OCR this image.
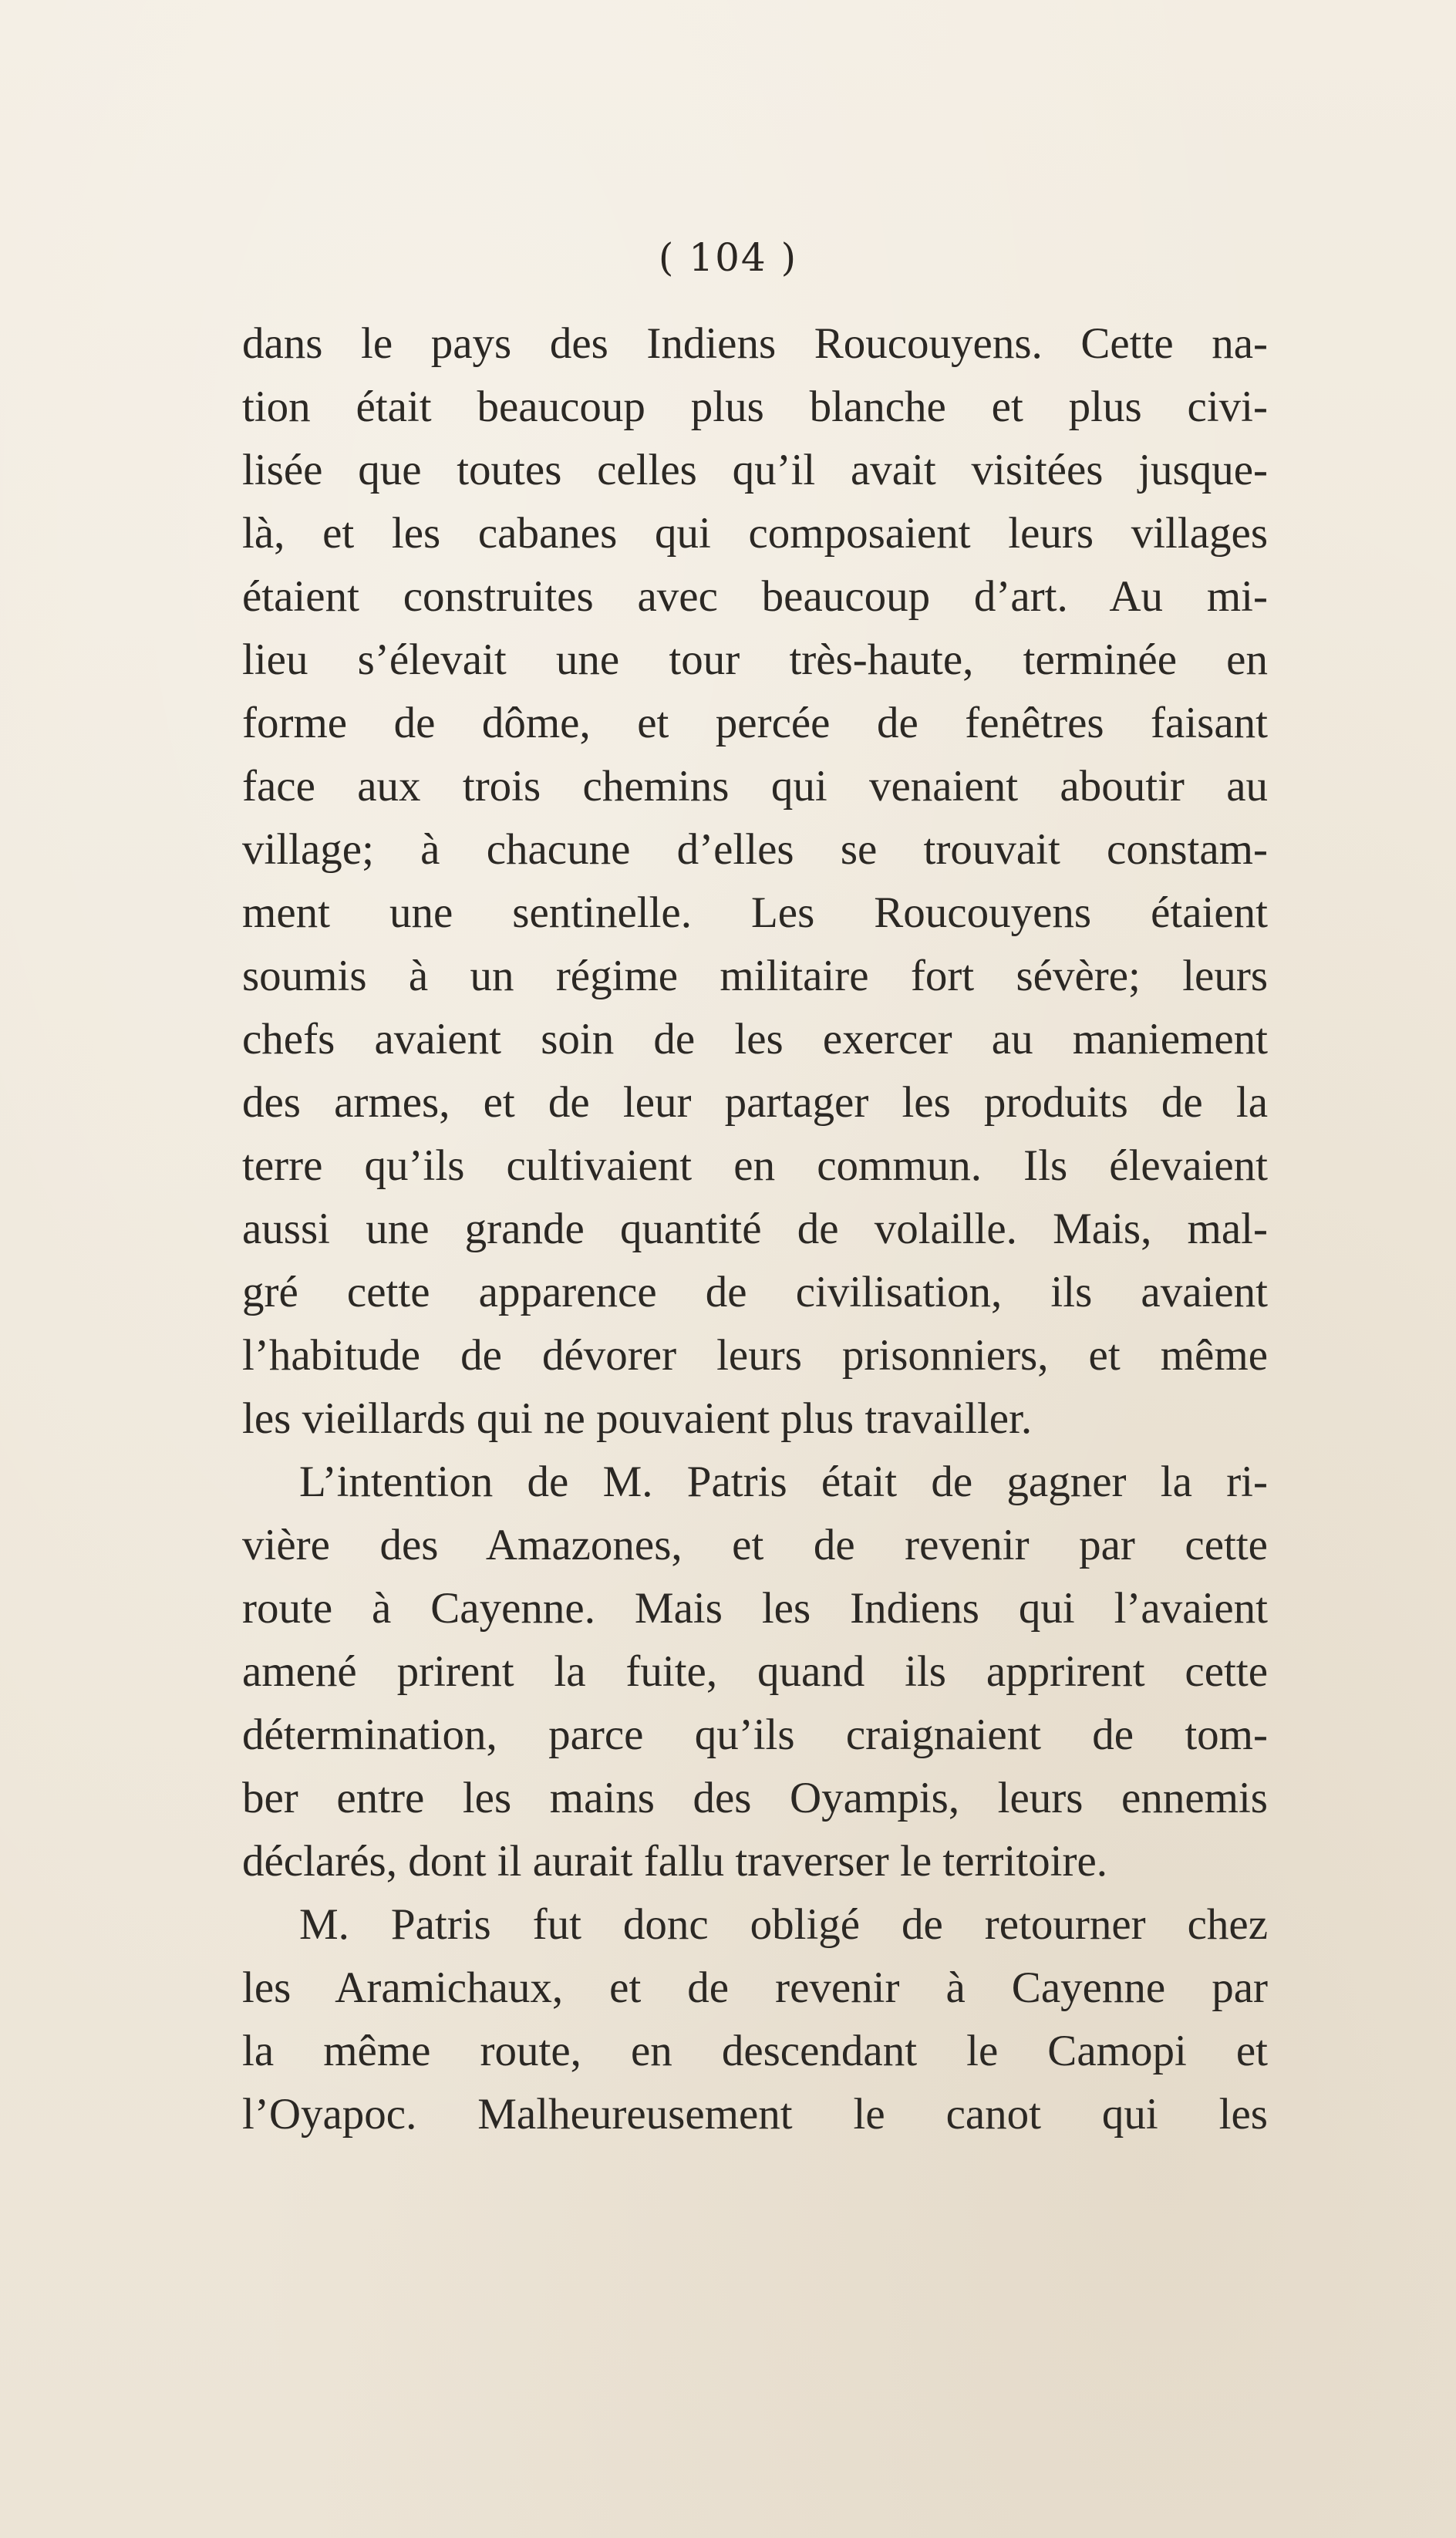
( 104 )
dans le pays des Indiens Roucouyens. Cette na-
tion était beaucoup plus blanche et plus civi-
lisée que toutes celles qu’il avait visitées jusque-
là, et les cabanes qui composaient leurs villages
étaient construites avec beaucoup d’art. Au mi-
lieu s’élevait une tour très-haute, terminée en
forme de dôme, et percée de fenêtres faisant
face aux trois chemins qui venaient aboutir au
village; à chacune d’elles se trouvait constam-
ment une sentinelle. Les Roucouyens étaient
soumis à un régime militaire fort sévère; leurs
chefs avaient soin de les exercer au maniement
des armes, et de leur partager les produits de la
terre qu’ils cultivaient en commun. Ils élevaient
aussi une grande quantité de volaille. Mais, mal-
gré cette apparence de civilisation, ils avaient
l’habitude de dévorer leurs prisonniers, et même
les vieillards qui ne pouvaient plus travailler.
L’intention de M. Patris était de gagner la ri-
vière des Amazones, et de revenir par cette
route à Cayenne. Mais les Indiens qui l’avaient
amené prirent la fuite, quand ils apprirent cette
détermination, parce qu’ils craignaient de tom-
ber entre les mains des Oyampis, leurs ennemis
déclarés, dont il aurait fallu traverser le territoire.
M. Patris fut donc obligé de retourner chez
les Aramichaux, et de revenir à Cayenne par
la même route, en descendant le Camopi et
l’Oyapoc. Malheureusement le canot qui les
